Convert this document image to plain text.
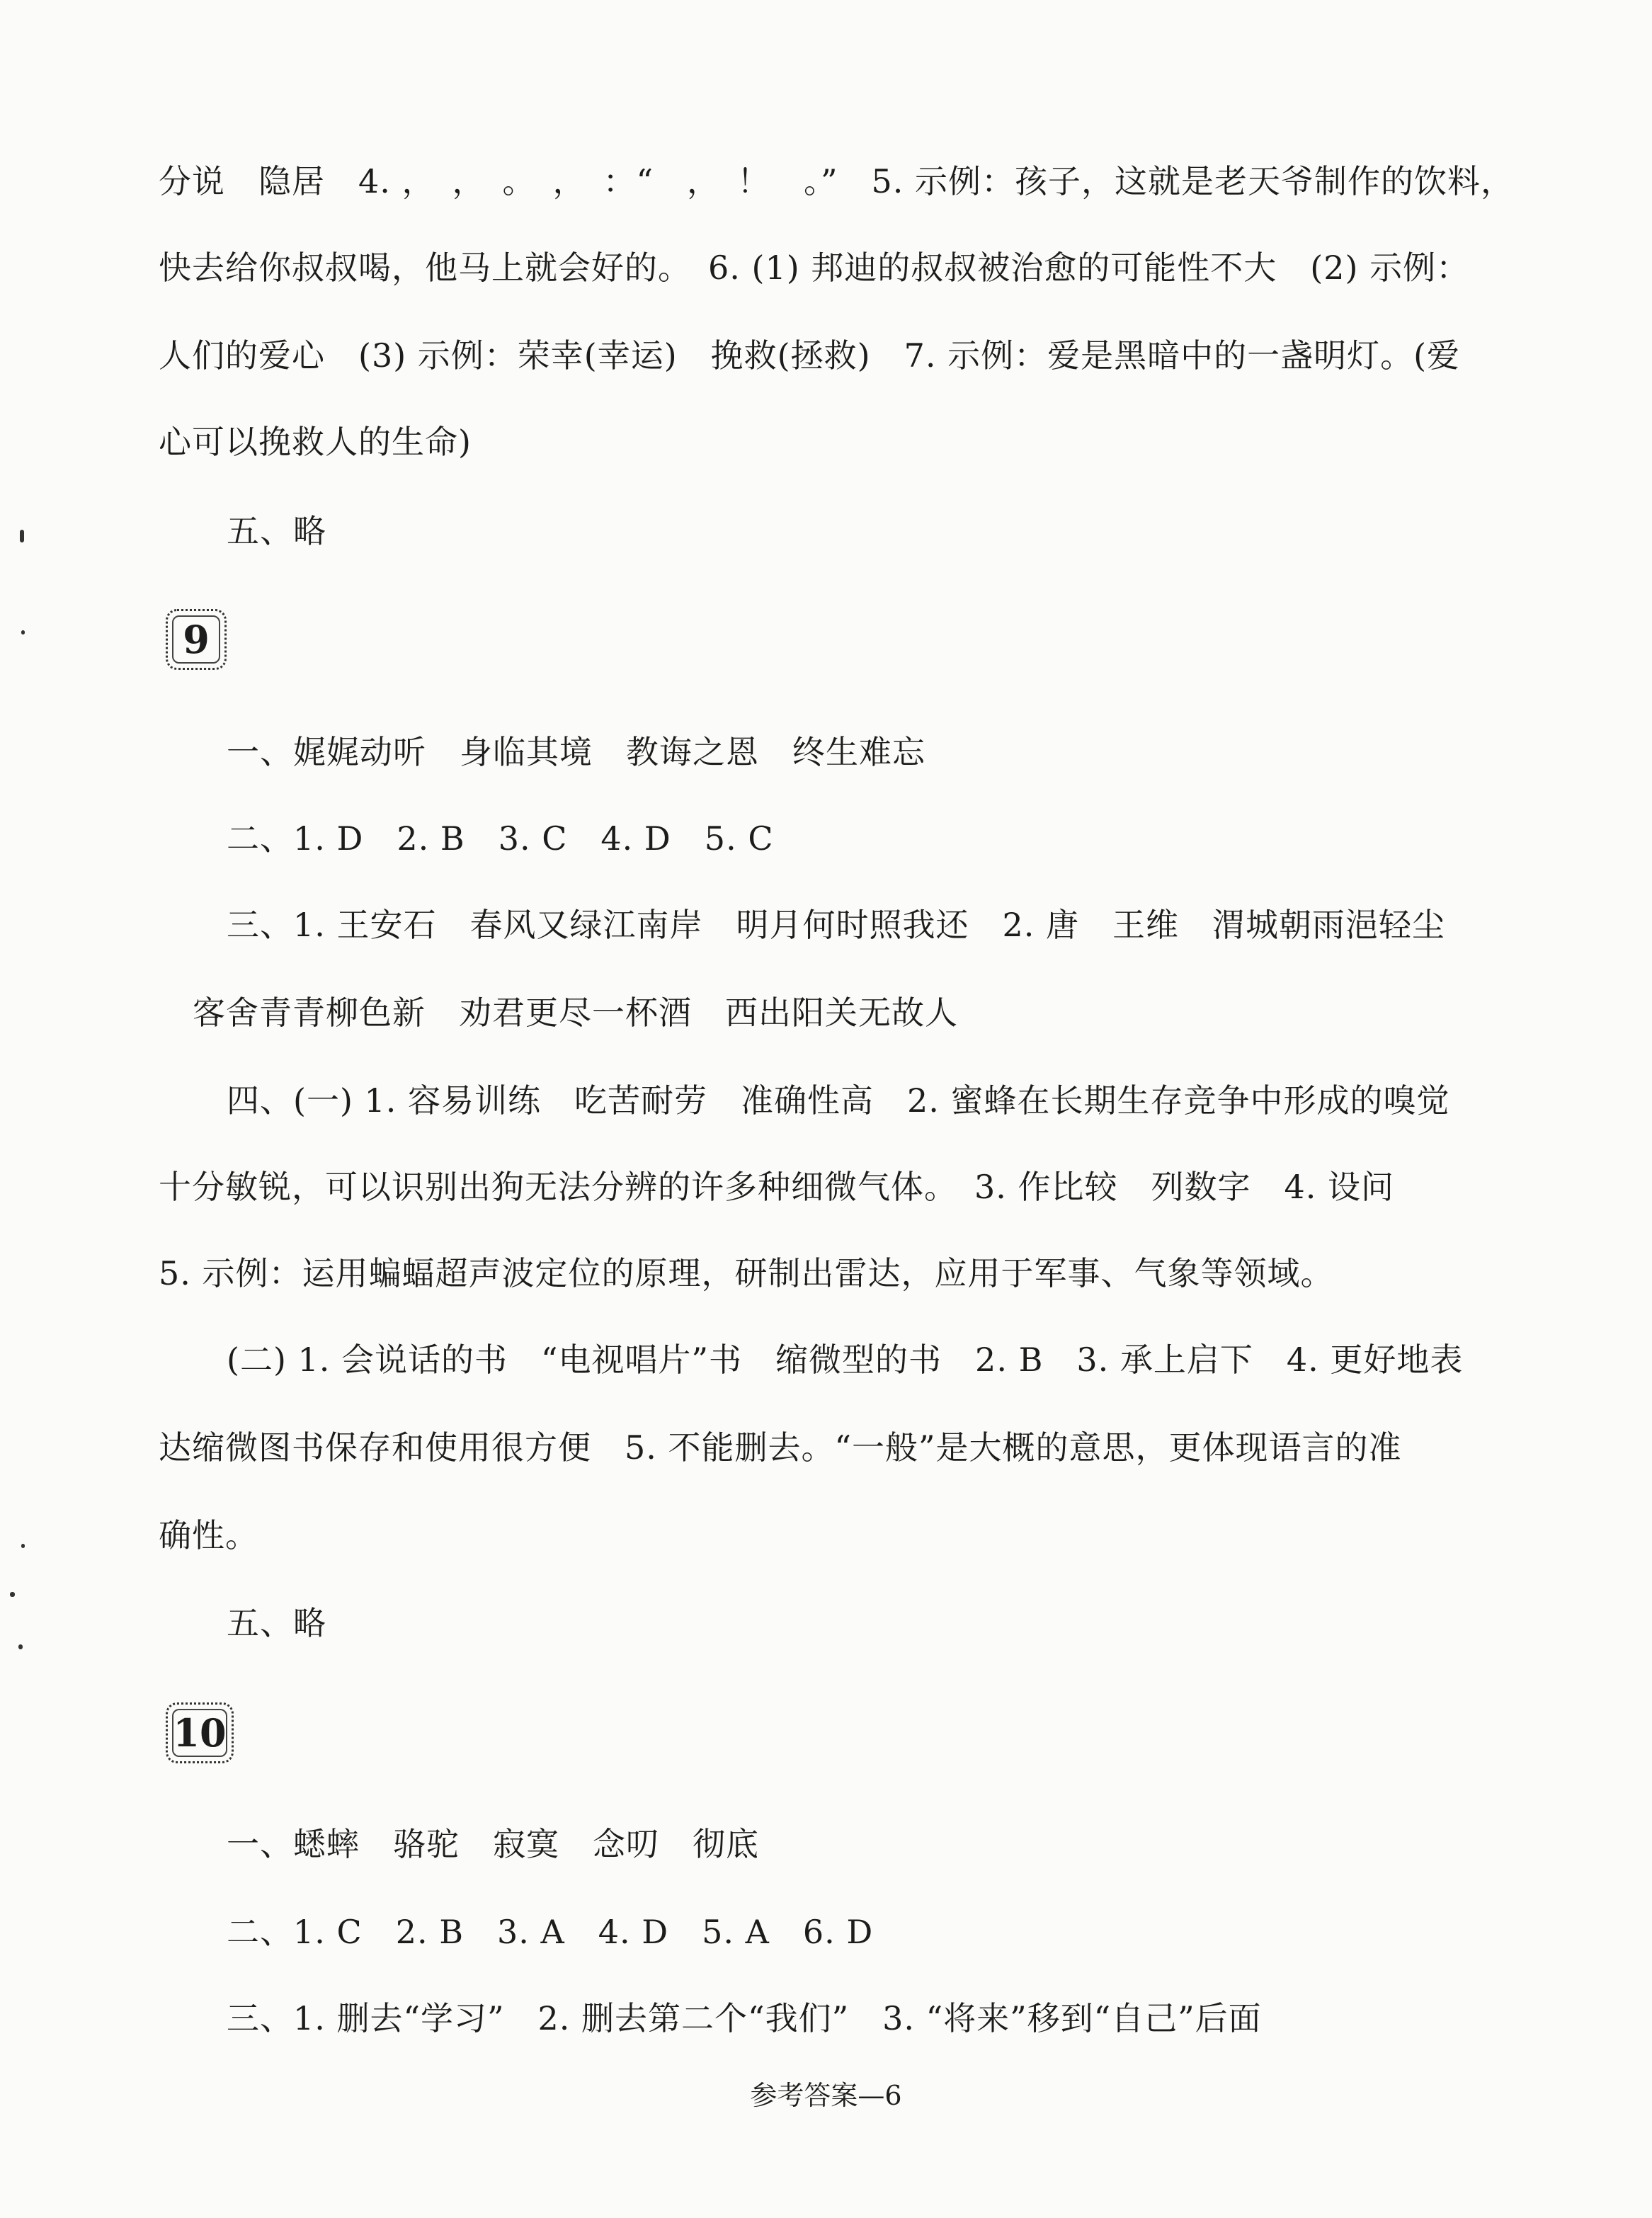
分说　隐居　4. ，　，　。　，　：“　，　！　。”　5. 示例：孩子，这就是老天爷制作的饮料，
快去给你叔叔喝，他马上就会好的。　6. (1) 邦迪的叔叔被治愈的可能性不大　(2) 示例：
人们的爱心　(3) 示例：荣幸(幸运)　挽救(拯救)　7. 示例：爱是黑暗中的一盏明灯。(爱
心可以挽救人的生命)
五、略
9
一、娓娓动听　身临其境　教诲之恩　终生难忘
二、1. D　2. B　3. C　4. D　5. C
三、1. 王安石　春风又绿江南岸　明月何时照我还　2. 唐　王维　渭城朝雨浥轻尘
客舍青青柳色新　劝君更尽一杯酒　西出阳关无故人
四、(一) 1. 容易训练　吃苦耐劳　准确性高　2. 蜜蜂在长期生存竞争中形成的嗅觉
十分敏锐，可以识别出狗无法分辨的许多种细微气体。　3. 作比较　列数字　4. 设问
5. 示例：运用蝙蝠超声波定位的原理，研制出雷达，应用于军事、气象等领域。
(二) 1. 会说话的书　“电视唱片”书　缩微型的书　2. B　3. 承上启下　4. 更好地表
达缩微图书保存和使用很方便　5. 不能删去。“一般”是大概的意思，更体现语言的准
确性。
五、略
10
一、蟋蟀　骆驼　寂寞　念叨　彻底
二、1. C　2. B　3. A　4. D　5. A　6. D
三、1. 删去“学习”　2. 删去第二个“我们”　3. “将来”移到“自己”后面
参考答案—6
